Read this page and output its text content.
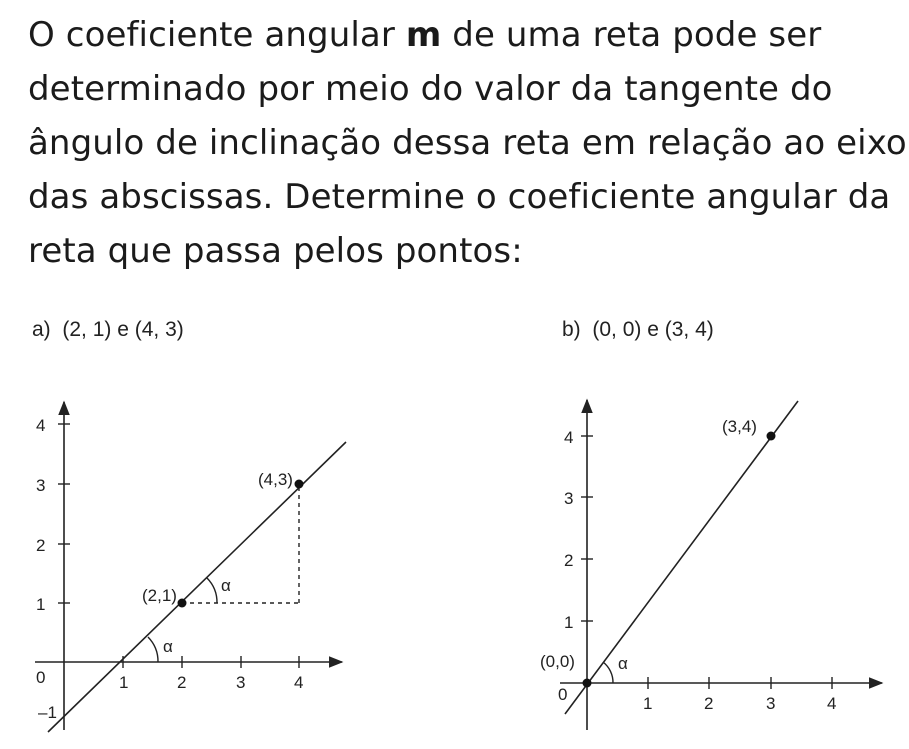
O coeficiente angular m de uma reta pode ser determinado por meio do valor da tangente do ângulo de inclinação dessa reta em relação ao eixo das abscissas. Determine o coeficiente angular da reta que passa pelos pontos:
a) (2, 1) e (4, 3)	b) (0, 0) e (3, 4)
4
3
2
1
0
–1
1	2	3	4
α
α
(2,1)
(4,3)
4
3
2
1
0	1	2	3	4
α
(0,0)
(3,4)
